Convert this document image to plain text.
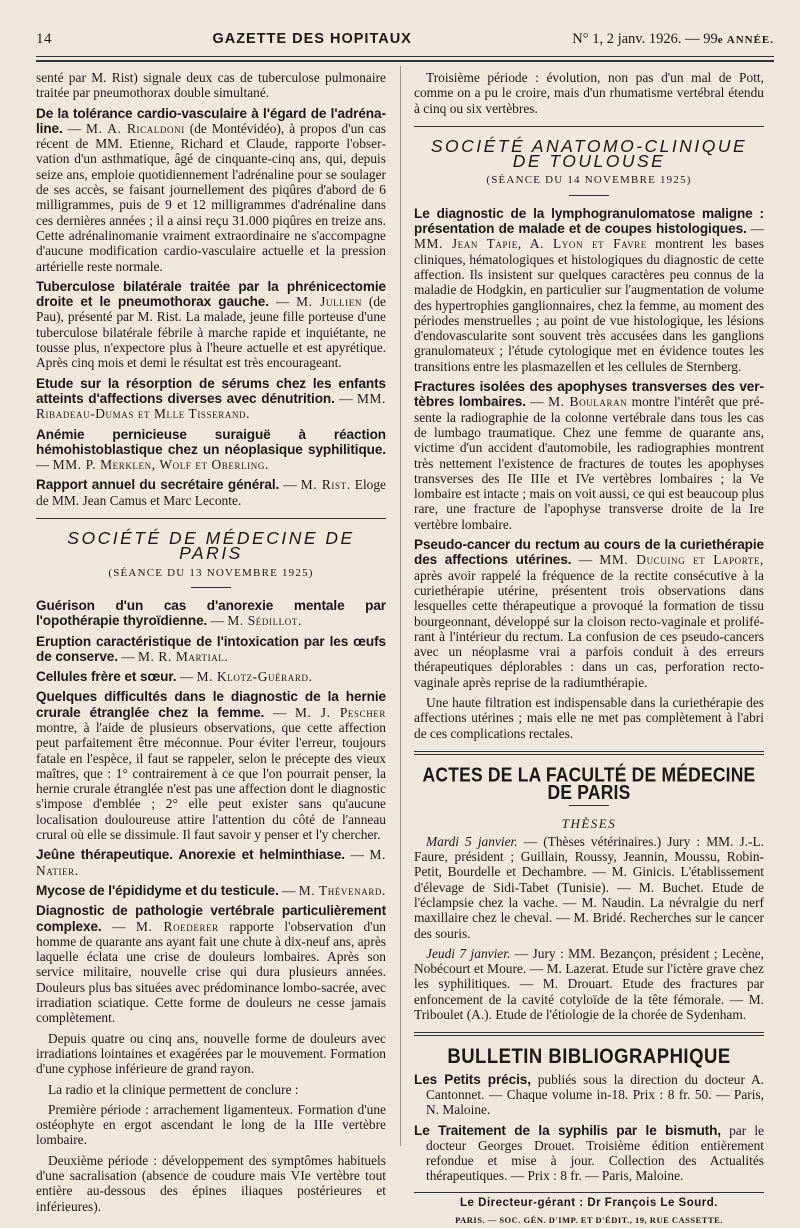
14	GAZETTE DES HOPITAUX	N° 1, 2 janv. 1926. — 99e ANNÉE.

senté par M. Rist) signale deux cas de tuberculose pulmonaire traitée par pneumothorax double simultané.

De la tolérance cardio-vasculaire à l'égard de l'adrénaline. — M. A. Ricaldoni (de Montévidéo), à propos d'un cas récent de MM. Etienne, Richard et Claude, rapporte l'observation d'un asthmatique, âgé de cinquante-cinq ans, qui, depuis seize ans, emploie quotidiennement l'adrénaline pour se soulager de ses accès, se faisant journellement des piqûres d'abord de 6 milligrammes, puis de 9 et 12 milligrammes d'adrénaline dans ces dernières années ; il a ainsi reçu 31.000 piqûres en treize ans. Cette adrénalinomanie vraiment extraordinaire ne s'accompagne d'aucune modification cardio-vasculaire actuelle et la pression artérielle reste normale.

Tuberculose bilatérale traitée par la phrénicectomie droite et le pneumothorax gauche. — M. Jullien (de Pau), présenté par M. Rist. La malade, jeune fille porteuse d'une tuberculose bilatérale fébrile à marche rapide et inquiétante, ne tousse plus, n'expectore plus à l'heure actuelle et est apyrétique. Après cinq mois et demi le résultat est très encourageant.

Etude sur la résorption de sérums chez les enfants atteints d'affections diverses avec dénutrition. — MM. Ribadeau-Dumas et Mlle Tisserand.

Anémie pernicieuse suraiguë à réaction hémohistoblastique chez un néoplasique syphilitique. — MM. P. Merklen, Wolf et Oberling.

Rapport annuel du secrétaire général. — M. Rist. Eloge de MM. Jean Camus et Marc Leconte.

SOCIÉTÉ DE MÉDECINE DE PARIS
(SÉANCE DU 13 NOVEMBRE 1925)

Guérison d'un cas d'anorexie mentale par l'opothérapie thyroïdienne. — M. Sédillot.

Eruption caractéristique de l'intoxication par les œufs de conserve. — M. R. Martial.

Cellules frère et sœur. — M. Klotz-Guérard.

Quelques difficultés dans le diagnostic de la hernie crurale étranglée chez la femme. — M. J. Pescher montre, à l'aide de plusieurs observations, que cette affection peut parfaitement être méconnue. Pour éviter l'erreur, toujours fatale en l'espèce, il faut se rappeler, selon le précepte des vieux maîtres, que : 1° contrairement à ce que l'on pourrait penser, la hernie crurale étranglée n'est pas une affection dont le diagnostic s'impose d'emblée ; 2° elle peut exister sans qu'aucune localisation douloureuse attire l'attention du côté de l'anneau crural où elle se dissimule. Il faut savoir y penser et l'y chercher.

Jeûne thérapeutique. Anorexie et helminthiase. — M. Natier.

Mycose de l'épididyme et du testicule. — M. Thévenard.

Diagnostic de pathologie vertébrale particulièrement complexe. — M. Roederer rapporte l'observation d'un homme de quarante ans ayant fait une chute à dix-neuf ans, après laquelle éclata une crise de douleurs lombaires. Après son service militaire, nouvelle crise qui dura plusieurs années. Douleurs plus bas situées avec prédominance lombo-sacrée, avec irradiation sciatique. Cette forme de douleurs ne cesse jamais complètement.

Depuis quatre ou cinq ans, nouvelle forme de douleurs avec irradiations lointaines et exagérées par le mouvement. Formation d'une cyphose inférieure de grand rayon.

La radio et la clinique permettent de conclure :

Première période : arrachement ligamenteux. Formation d'une ostéophyte en ergot ascendant le long de la IIIe vertèbre lombaire.

Deuxième période : développement des symptômes habituels d'une sacralisation (absence de coudure mais VIe vertèbre tout entière au-dessous des épines iliaques postérieures et inférieures).

Troisième période : évolution, non pas d'un mal de Pott, comme on a pu le croire, mais d'un rhumatisme vertébral étendu à cinq ou six vertèbres.

SOCIÉTÉ ANATOMO-CLINIQUE DE TOULOUSE
(SÉANCE DU 14 NOVEMBRE 1925)

Le diagnostic de la lymphogranulomatose maligne : présentation de malade et de coupes histologiques. — MM. Jean Tapie, A. Lyon et Favre montrent les bases cliniques, hématologiques et histologiques du diagnostic de cette affection. Ils insistent sur quelques caractères peu connus de la maladie de Hodgkin, en particulier sur l'augmentation de volume des hypertrophies ganglionnaires, chez la femme, au moment des périodes menstruelles ; au point de vue histologique, les lésions d'endovascularite sont souvent très accusées dans les ganglions granulomateux ; l'étude cytologique met en évidence toutes les transitions entre les plasmazellen et les cellules de Sternberg.

Fractures isolées des apophyses transverses des vertèbres lombaires. — M. Boularan montre l'intérêt que présente la radiographie de la colonne vertébrale dans tous les cas de lumbago traumatique. Chez une femme de quarante ans, victime d'un accident d'automobile, les radiographies montrent très nettement l'existence de fractures de toutes les apophyses transverses des IIe IIIe et IVe vertèbres lombaires ; la Ve lombaire est intacte ; mais on voit aussi, ce qui est beaucoup plus rare, une fracture de l'apophyse transverse droite de la Ire vertèbre lombaire.

Pseudo-cancer du rectum au cours de la curiethérapie des affections utérines. — MM. Ducuing et Laporte, après avoir rappelé la fréquence de la rectite consécutive à la curiethérapie utérine, présentent trois observations dans lesquelles cette thérapeutique a provoqué la formation de tissu bourgeonnant, développé sur la cloison recto-vaginale et proliférant à l'intérieur du rectum. La confusion de ces pseudo-cancers avec un néoplasme vrai a parfois conduit à des erreurs thérapeutiques déplorables : dans un cas, perforation recto-vaginale après reprise de la radiumthérapie.

Une haute filtration est indispensable dans la curiethérapie des affections utérines ; mais elle ne met pas complètement à l'abri de ces complications rectales.

ACTES DE LA FACULTÉ DE MÉDECINE DE PARIS
THÈSES

Mardi 5 janvier. — (Thèses vétérinaires.) Jury : MM. J.-L. Faure, président ; Guillain, Roussy, Jeannin, Moussu, Robin-Petit, Bourdelle et Dechambre. — M. Ginicis. L'établissement d'élevage de Sidi-Tabet (Tunisie). — M. Buchet. Etude de l'éclampsie chez la vache. — M. Naudin. La névralgie du nerf maxillaire chez le cheval. — M. Bridé. Recherches sur le cancer des souris.

Jeudi 7 janvier. — Jury : MM. Bezançon, président ; Lecène, Nobécourt et Moure. — M. Lazerat. Etude sur l'ictère grave chez les syphilitiques. — M. Drouart. Etude des fractures par enfoncement de la cavité cotyloïde de la tête fémorale. — M. Triboulet (A.). Etude de l'étiologie de la chorée de Sydenham.

BULLETIN BIBLIOGRAPHIQUE

Les Petits précis, publiés sous la direction du docteur A. Cantonnet. — Chaque volume in-18. Prix : 8 fr. 50. — Paris, N. Maloine.

Le Traitement de la syphilis par le bismuth, par le docteur Georges Drouet. Troisième édition entièrement refondue et mise à jour. Collection des Actualités thérapeutiques. — Prix : 8 fr. — Paris, Maloine.

Le Directeur-gérant : Dr François Le Sourd.
PARIS. — SOC. GÉN. D'IMP. ET D'ÉDIT., 19, RUE CASSETTE.
